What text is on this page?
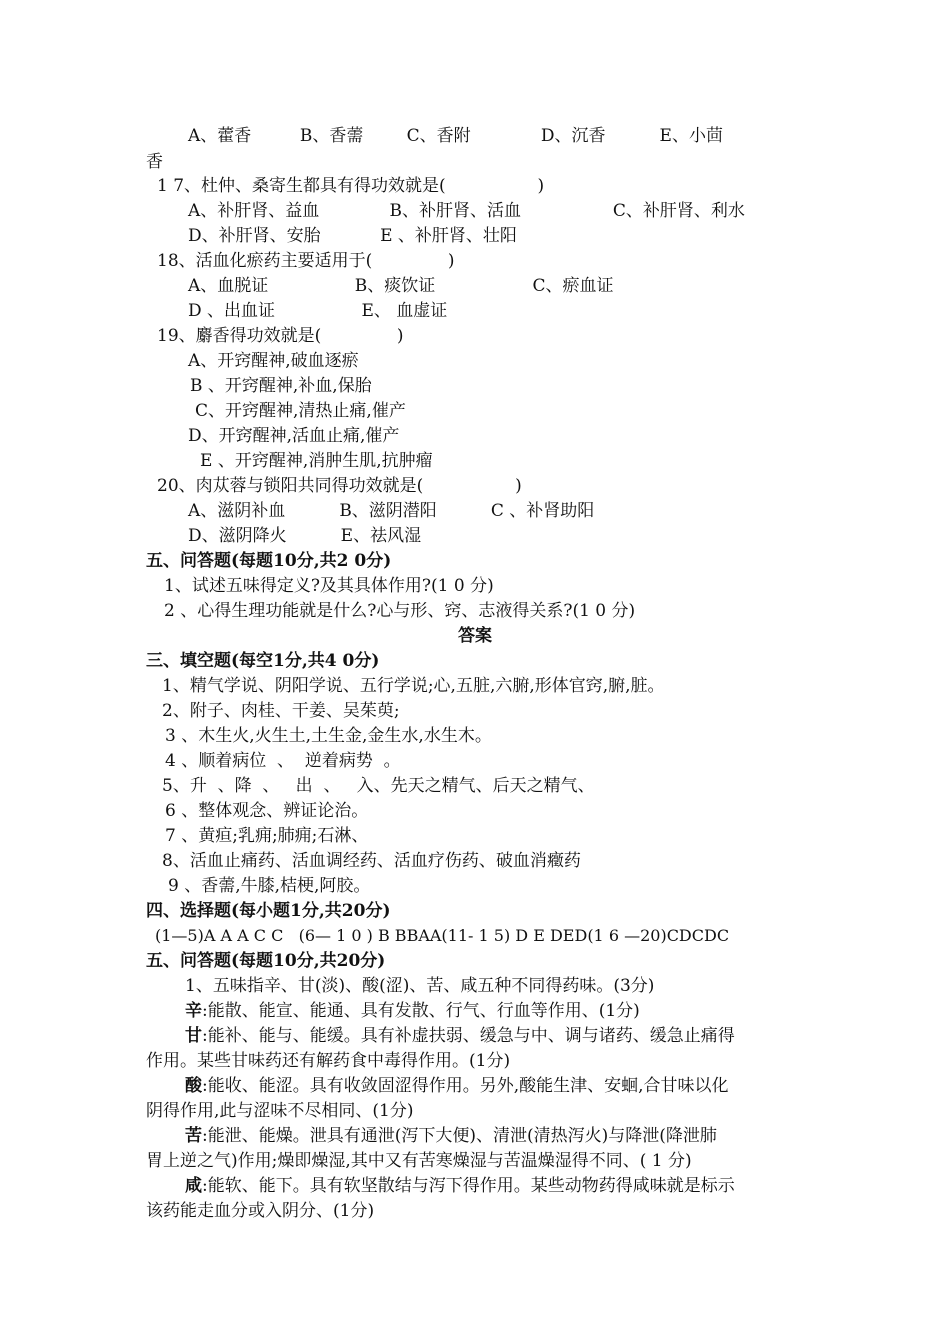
A、藿香         B、香薷        C、香附             D、沉香          E、小茴
香
1 7、杜仲、桑寄生都具有得功效就是(                 )
A、补肝肾、益血             B、补肝肾、活血                 C、补肝肾、利水
D、补肝肾、安胎           E 、补肝肾、壮阳
18、活血化瘀药主要适用于(              )
A、血脱证                B、痰饮证                  C、瘀血证
D 、出血证                E、 血虚证
19、麝香得功效就是(              )
A、开窍醒神,破血逐瘀
B 、开窍醒神,补血,保胎
C、开窍醒神,清热止痛,催产
D、开窍醒神,活血止痛,催产
E 、开窍醒神,消肿生肌,抗肿瘤
20、肉苁蓉与锁阳共同得功效就是(                 )
A、滋阴补血          B、滋阴潜阳          C 、补肾助阳
D、滋阴降火          E、祛风湿
五、问答题(每题10分,共2 0分)
1、试述五味得定义?及其具体作用?(1 0 分)
2 、心得生理功能就是什么?心与形、窍、志液得关系?(1 0 分)
答案
三、填空题(每空1分,共4 0分)
1、精气学说、阴阳学说、五行学说;心,五脏,六腑,形体官窍,腑,脏。
2、附子、肉桂、干姜、吴茱萸;
3 、木生火,火生土,土生金,金生水,水生木。
4 、顺着病位  、  逆着病势  。
5、升  、降  、   出  、   入、先天之精气、后天之精气、
6 、整体观念、辨证论治。
7 、黄疸;乳痈;肺痈;石淋、
8、活血止痛药、活血调经药、活血疗伤药、破血消癥药
9 、香薷,牛膝,桔梗,阿胶。
四、选择题(每小题1分,共20分)
(1—5)A A A C C   (6— 1 0 ) B BBAA(11- 1 5) D E DED(1 6 —20)CDCDC
五、问答题(每题10分,共20分)
1、五味指辛、甘(淡)、酸(涩)、苦、咸五种不同得药味。(3分)
辛:能散、能宣、能通、具有发散、行气、行血等作用、(1分)
甘:能补、能与、能缓。具有补虚扶弱、缓急与中、调与诸药、缓急止痛得
作用。某些甘味药还有解药食中毒得作用。(1分)
酸:能收、能涩。具有收敛固涩得作用。另外,酸能生津、安蛔,合甘味以化
阴得作用,此与涩味不尽相同、(1分)
苦:能泄、能燥。泄具有通泄(泻下大便)、清泄(清热泻火)与降泄(降泄肺
胃上逆之气)作用;燥即燥湿,其中又有苦寒燥湿与苦温燥湿得不同、( 1 分)
咸:能软、能下。具有软坚散结与泻下得作用。某些动物药得咸味就是标示
该药能走血分或入阴分、(1分)
